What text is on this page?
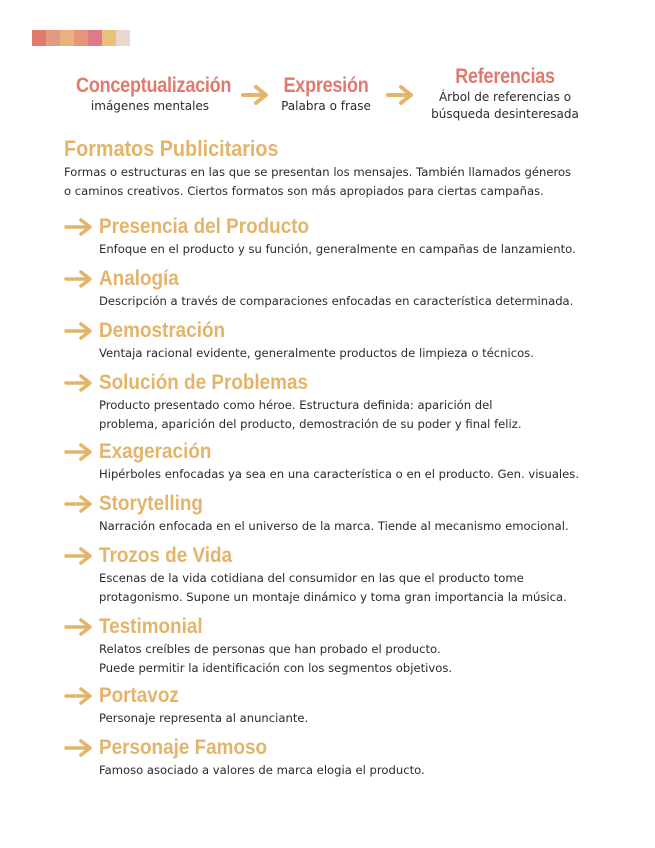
Conceptualización
imágenes mentales
Expresión
Palabra o frase
Referencias
Árbol de referencias o
búsqueda desinteresada
Formatos Publicitarios
Formas o estructuras en las que se presentan los mensajes. También llamados géneros
o caminos creativos. Ciertos formatos son más apropiados para ciertas campañas.
Presencia del Producto
Enfoque en el producto y su función, generalmente en campañas de lanzamiento.
Analogía
Descripción a través de comparaciones enfocadas en característica determinada.
Demostración
Ventaja racional evidente, generalmente productos de limpieza o técnicos.
Solución de Problemas
Producto presentado como héroe. Estructura definida: aparición del
problema, aparición del producto, demostración de su poder y final feliz.
Exageración
Hipérboles enfocadas ya sea en una característica o en el producto. Gen. visuales.
Storytelling
Narración enfocada en el universo de la marca. Tiende al mecanismo emocional.
Trozos de Vida
Escenas de la vida cotidiana del consumidor en las que el producto tome
protagonismo. Supone un montaje dinámico y toma gran importancia la música.
Testimonial
Relatos creíbles de personas que han probado el producto.
Puede permitir la identificación con los segmentos objetivos.
Portavoz
Personaje representa al anunciante.
Personaje Famoso
Famoso asociado a valores de marca elogia el producto.
